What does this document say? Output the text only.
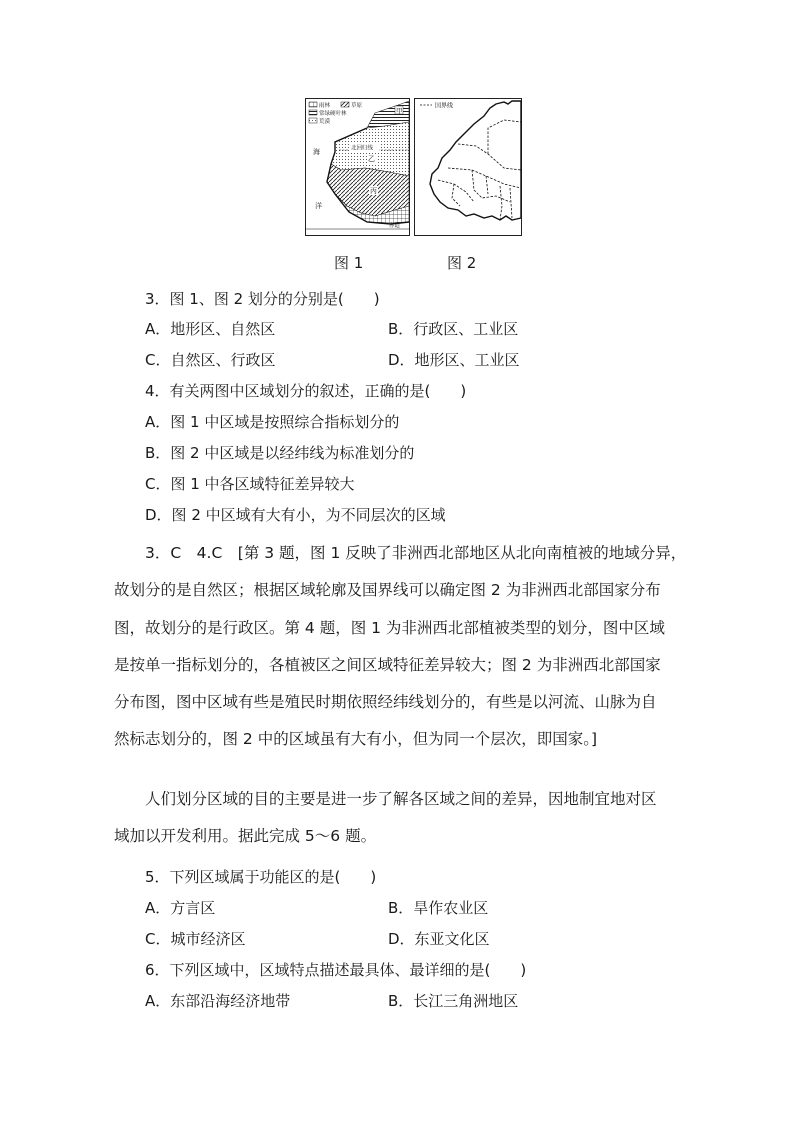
雨林	草原
常绿硬叶林
荒漠
甲
北回归线
乙
丙
海
洋
赤道
国界线
图 1	图 2
3．图 1、图 2 划分的分别是(　　)
A．地形区、自然区	B．行政区、工业区
C．自然区、行政区	D．地形区、工业区
4．有关两图中区域划分的叙述，正确的是(　　)
A．图 1 中区域是按照综合指标划分的
B．图 2 中区域是以经纬线为标准划分的
C．图 1 中各区域特征差异较大
D．图 2 中区域有大有小，为不同层次的区域
3．C　4.C　[第 3 题，图 1 反映了非洲西北部地区从北向南植被的地域分异，
故划分的是自然区；根据区域轮廓及国界线可以确定图 2 为非洲西北部国家分布
图，故划分的是行政区。第 4 题，图 1 为非洲西北部植被类型的划分，图中区域
是按单一指标划分的，各植被区之间区域特征差异较大；图 2 为非洲西北部国家
分布图，图中区域有些是殖民时期依照经纬线划分的，有些是以河流、山脉为自
然标志划分的，图 2 中的区域虽有大有小，但为同一个层次，即国家。]
人们划分区域的目的主要是进一步了解各区域之间的差异，因地制宜地对区
域加以开发利用。据此完成 5～6 题。
5．下列区域属于功能区的是(　　)
A．方言区	B．旱作农业区
C．城市经济区	D．东亚文化区
6．下列区域中，区域特点描述最具体、最详细的是(　　)
A．东部沿海经济地带	B．长江三角洲地区
